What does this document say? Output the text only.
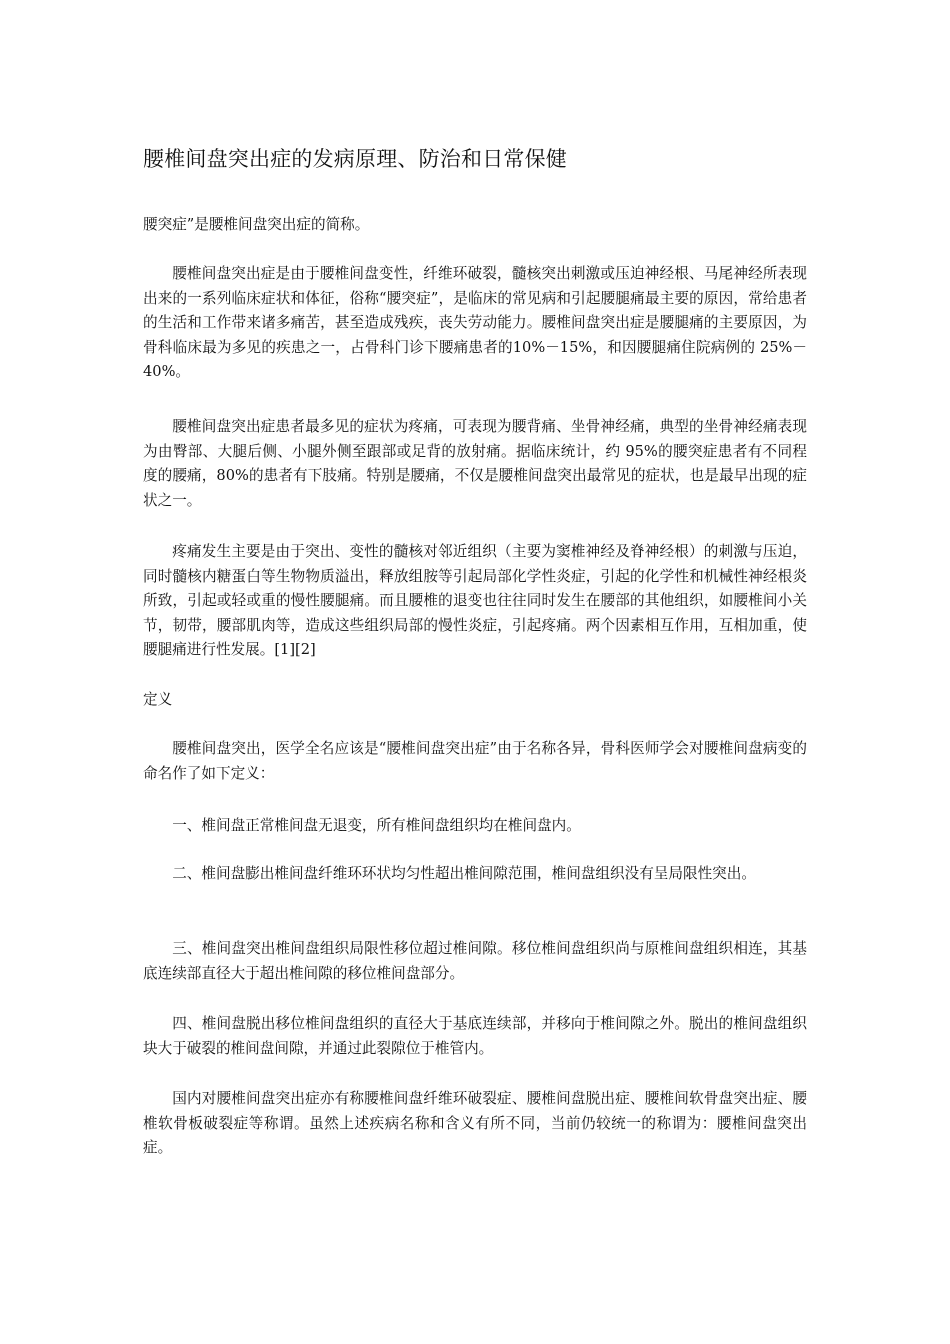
腰椎间盘突出症的发病原理、防治和日常保健

腰突症”是腰椎间盘突出症的简称。

腰椎间盘突出症是由于腰椎间盘变性，纤维环破裂，髓核突出刺激或压迫神经根、马尾神经所表现出来的一系列临床症状和体征，俗称“腰突症”，是临床的常见病和引起腰腿痛最主要的原因，常给患者的生活和工作带来诸多痛苦，甚至造成残疾，丧失劳动能力。腰椎间盘突出症是腰腿痛的主要原因，为骨科临床最为多见的疾患之一，占骨科门诊下腰痛患者的10%－15%，和因腰腿痛住院病例的 25%－40%。

腰椎间盘突出症患者最多见的症状为疼痛，可表现为腰背痛、坐骨神经痛，典型的坐骨神经痛表现为由臀部、大腿后侧、小腿外侧至跟部或足背的放射痛。据临床统计，约 95%的腰突症患者有不同程度的腰痛，80%的患者有下肢痛。特别是腰痛，不仅是腰椎间盘突出最常见的症状，也是最早出现的症状之一。

疼痛发生主要是由于突出、变性的髓核对邻近组织（主要为窦椎神经及脊神经根）的刺激与压迫，同时髓核内糖蛋白等生物物质溢出，释放组胺等引起局部化学性炎症，引起的化学性和机械性神经根炎所致，引起或轻或重的慢性腰腿痛。而且腰椎的退变也往往同时发生在腰部的其他组织，如腰椎间小关节，韧带，腰部肌肉等，造成这些组织局部的慢性炎症，引起疼痛。两个因素相互作用，互相加重，使腰腿痛进行性发展。[1][2]

定义

腰椎间盘突出，医学全名应该是“腰椎间盘突出症”由于名称各异，骨科医师学会对腰椎间盘病变的命名作了如下定义：

一、椎间盘正常椎间盘无退变，所有椎间盘组织均在椎间盘内。

二、椎间盘膨出椎间盘纤维环环状均匀性超出椎间隙范围，椎间盘组织没有呈局限性突出。

三、椎间盘突出椎间盘组织局限性移位超过椎间隙。移位椎间盘组织尚与原椎间盘组织相连，其基底连续部直径大于超出椎间隙的移位椎间盘部分。

四、椎间盘脱出移位椎间盘组织的直径大于基底连续部，并移向于椎间隙之外。脱出的椎间盘组织块大于破裂的椎间盘间隙，并通过此裂隙位于椎管内。

国内对腰椎间盘突出症亦有称腰椎间盘纤维环破裂症、腰椎间盘脱出症、腰椎间软骨盘突出症、腰椎软骨板破裂症等称谓。虽然上述疾病名称和含义有所不同，当前仍较统一的称谓为：腰椎间盘突出症。
